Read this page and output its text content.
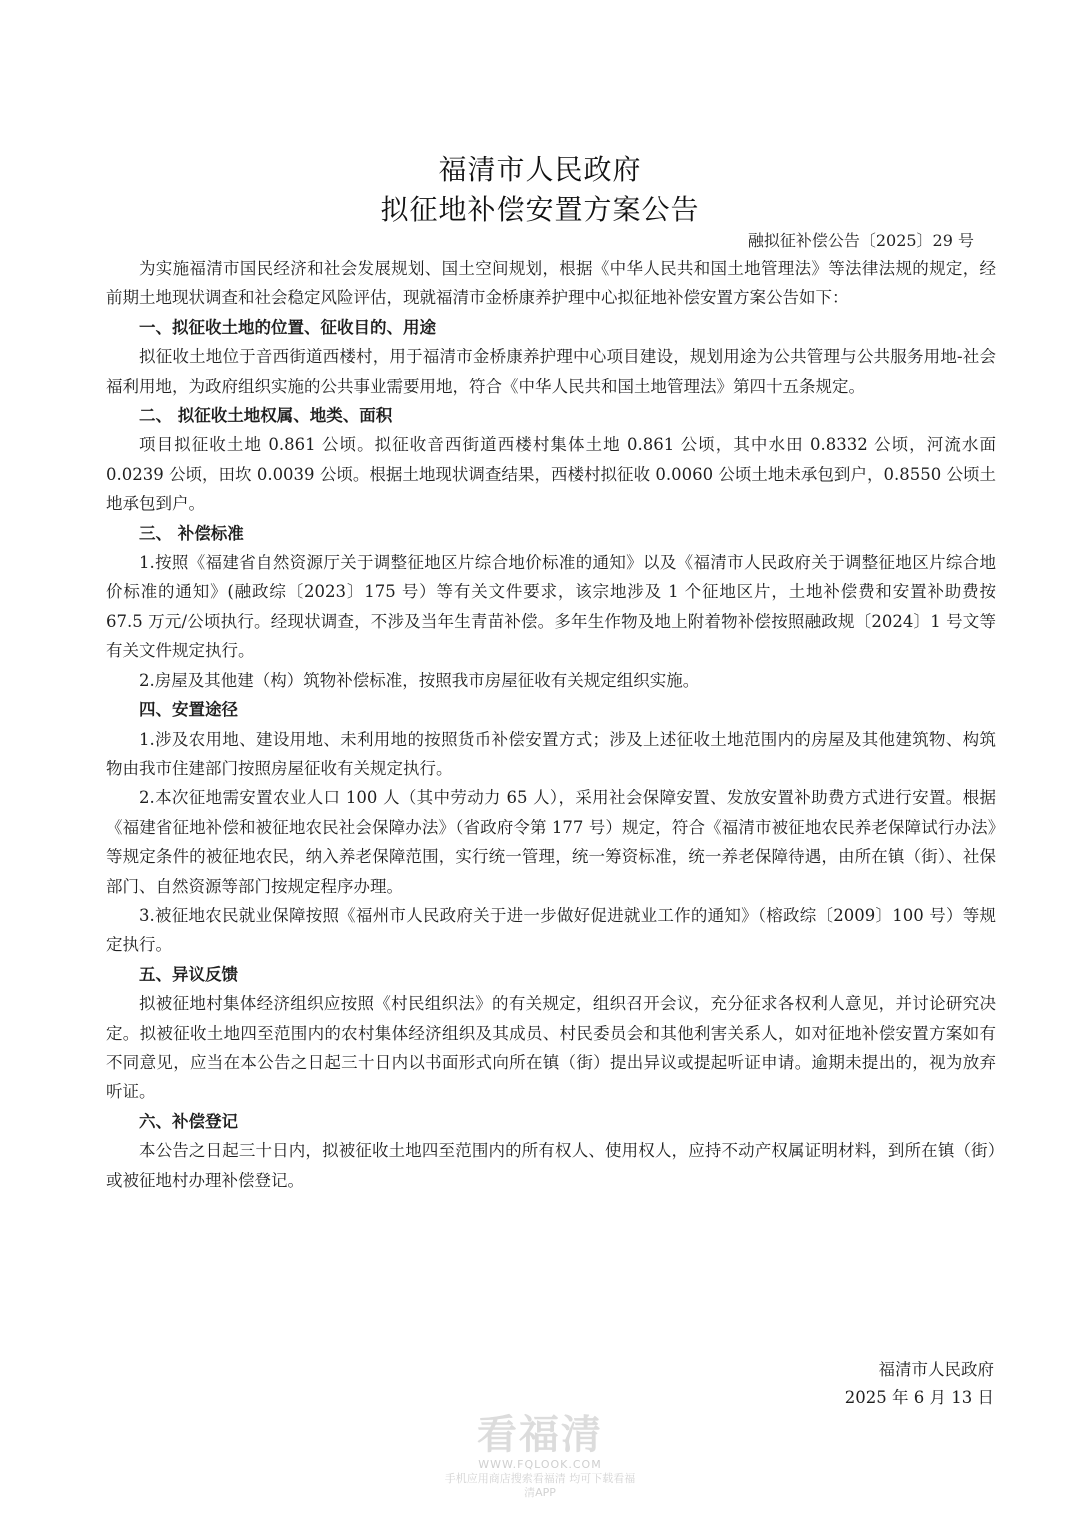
福清市人民政府
拟征地补偿安置方案公告
融拟征补偿公告〔2025〕29 号

为实施福清市国民经济和社会发展规划、国土空间规划，根据《中华人民共和国土地管理法》等法律法规的规定，经前期土地现状调查和社会稳定风险评估，现就福清市金桥康养护理中心拟征地补偿安置方案公告如下：

一、拟征收土地的位置、征收目的、用途

拟征收土地位于音西街道西楼村，用于福清市金桥康养护理中心项目建设，规划用途为公共管理与公共服务用地-社会福利用地，为政府组织实施的公共事业需要用地，符合《中华人民共和国土地管理法》第四十五条规定。

二、 拟征收土地权属、地类、面积

项目拟征收土地 0.861 公顷。拟征收音西街道西楼村集体土地 0.861 公顷，其中水田 0.8332 公顷，河流水面 0.0239 公顷，田坎 0.0039 公顷。根据土地现状调查结果，西楼村拟征收 0.0060 公顷土地未承包到户，0.8550 公顷土地承包到户。

三、 补偿标准

1.按照《福建省自然资源厅关于调整征地区片综合地价标准的通知》以及《福清市人民政府关于调整征地区片综合地价标准的通知》(融政综〔2023〕175 号）等有关文件要求，该宗地涉及 1 个征地区片，土地补偿费和安置补助费按 67.5 万元/公顷执行。经现状调查，不涉及当年生青苗补偿。多年生作物及地上附着物补偿按照融政规〔2024〕1 号文等有关文件规定执行。

2.房屋及其他建（构）筑物补偿标准，按照我市房屋征收有关规定组织实施。

四、安置途径

1.涉及农用地、建设用地、未利用地的按照货币补偿安置方式；涉及上述征收土地范围内的房屋及其他建筑物、构筑物由我市住建部门按照房屋征收有关规定执行。

2.本次征地需安置农业人口 100 人（其中劳动力 65 人），采用社会保障安置、发放安置补助费方式进行安置。根据《福建省征地补偿和被征地农民社会保障办法》（省政府令第 177 号）规定，符合《福清市被征地农民养老保障试行办法》等规定条件的被征地农民，纳入养老保障范围，实行统一管理，统一筹资标准，统一养老保障待遇，由所在镇（街）、社保部门、自然资源等部门按规定程序办理。

3.被征地农民就业保障按照《福州市人民政府关于进一步做好促进就业工作的通知》（榕政综〔2009〕100 号）等规定执行。

五、异议反馈

拟被征地村集体经济组织应按照《村民组织法》的有关规定，组织召开会议，充分征求各权利人意见，并讨论研究决定。拟被征收土地四至范围内的农村集体经济组织及其成员、村民委员会和其他利害关系人，如对征地补偿安置方案如有不同意见，应当在本公告之日起三十日内以书面形式向所在镇（街）提出异议或提起听证申请。逾期未提出的，视为放弃听证。

六、补偿登记

本公告之日起三十日内，拟被征收土地四至范围内的所有权人、使用权人，应持不动产权属证明材料，到所在镇（街）或被征地村办理补偿登记。

福清市人民政府
2025 年 6 月 13 日
看福清
WWW.FQLOOK.COM
手机应用商店搜索看福清 均可下载看福清APP
